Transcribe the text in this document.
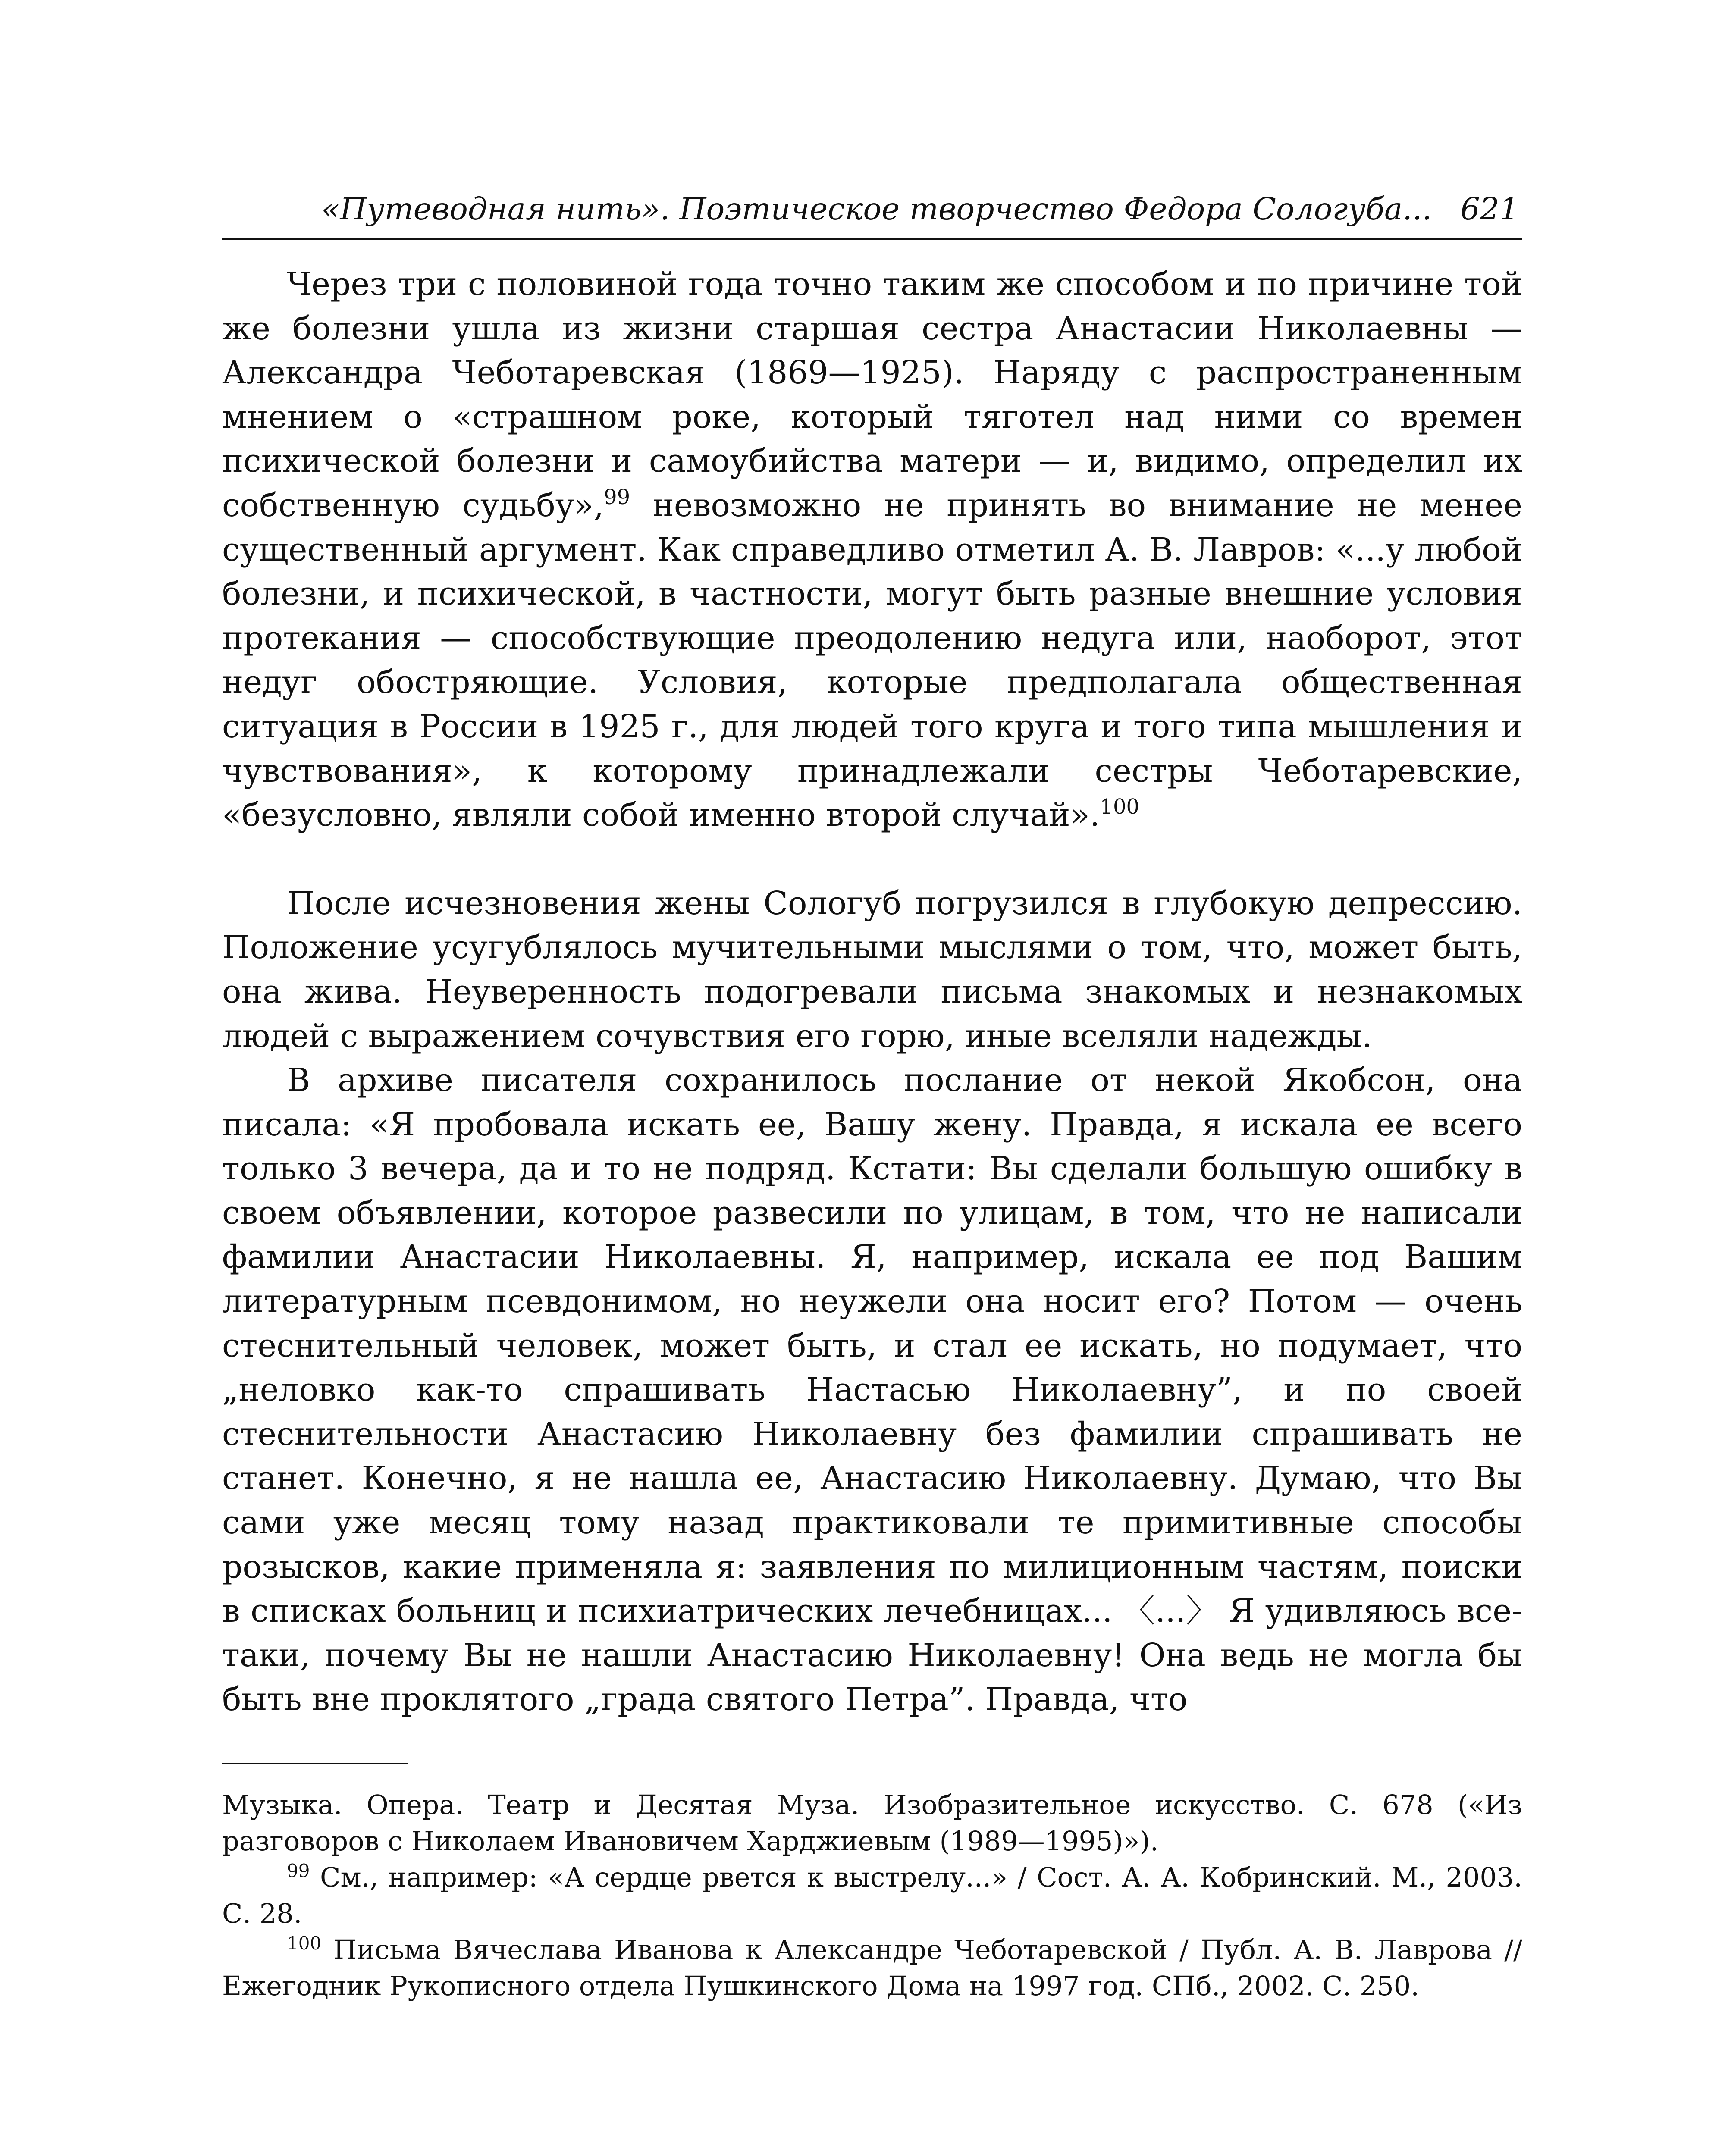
«Путеводная нить». Поэтическое творчество Федора Сологуба... 621

Через три с половиной года точно таким же способом и по причине той же болезни ушла из жизни старшая сестра Анастасии Николаевны — Александра Чеботаревская (1869—1925). Наряду с распространенным мнением о «страшном роке, который тяготел над ними со времен психической болезни и самоубийства матери — и, видимо, определил их собственную судьбу»,$^{99}$ невозможно не принять во внимание не менее существенный аргумент. Как справедливо отметил А. В. Лавров: «...у любой болезни, и психической, в частности, могут быть разные внешние условия протекания — способствующие преодолению недуга или, наоборот, этот недуг обостряющие. Условия, которые предполагала общественная ситуация в России в 1925 г., для людей того круга и того типа мышления и чувствования», к которому принадлежали сестры Чеботаревские, «безусловно, являли собой именно второй случай».$^{100}$

После исчезновения жены Сологуб погрузился в глубокую депрессию. Положение усугублялось мучительными мыслями о том, что, может быть, она жива. Неуверенность подогревали письма знакомых и незнакомых людей с выражением сочувствия его горю, иные вселяли надежды.

В архиве писателя сохранилось послание от некой Якобсон, она писала: «Я пробовала искать ее, Вашу жену. Правда, я искала ее всего только 3 вечера, да и то не подряд. Кстати: Вы сделали большую ошибку в своем объявлении, которое развесили по улицам, в том, что не написали фамилии Анастасии Николаевны. Я, например, искала ее под Вашим литературным псевдонимом, но неужели она носит его? Потом — очень стеснительный человек, может быть, и стал ее искать, но подумает, что „неловко как-то спрашивать Настасью Николаевну”, и по своей стеснительности Анастасию Николаевну без фамилии спрашивать не станет. Конечно, я не нашла ее, Анастасию Николаевну. Думаю, что Вы сами уже месяц тому назад практиковали те примитивные способы розысков, какие применяла я: заявления по милиционным частям, поиски в списках больниц и психиатрических лечебницах... 〈...〉 Я удивляюсь все-таки, почему Вы не нашли Анастасию Николаевну! Она ведь не могла бы быть вне проклятого „града святого Петра”. Правда, что

Музыка. Опера. Театр и Десятая Муза. Изобразительное искусство. С. 678 («Из разговоров с Николаем Ивановичем Харджиевым (1989—1995)»).

$^{99}$ См., например: «А сердце рвется к выстрелу...» / Сост. А. А. Кобринский. М., 2003. С. 28.

$^{100}$ Письма Вячеслава Иванова к Александре Чеботаревской / Публ. А. В. Лаврова // Ежегодник Рукописного отдела Пушкинского Дома на 1997 год. СПб., 2002. С. 250.
